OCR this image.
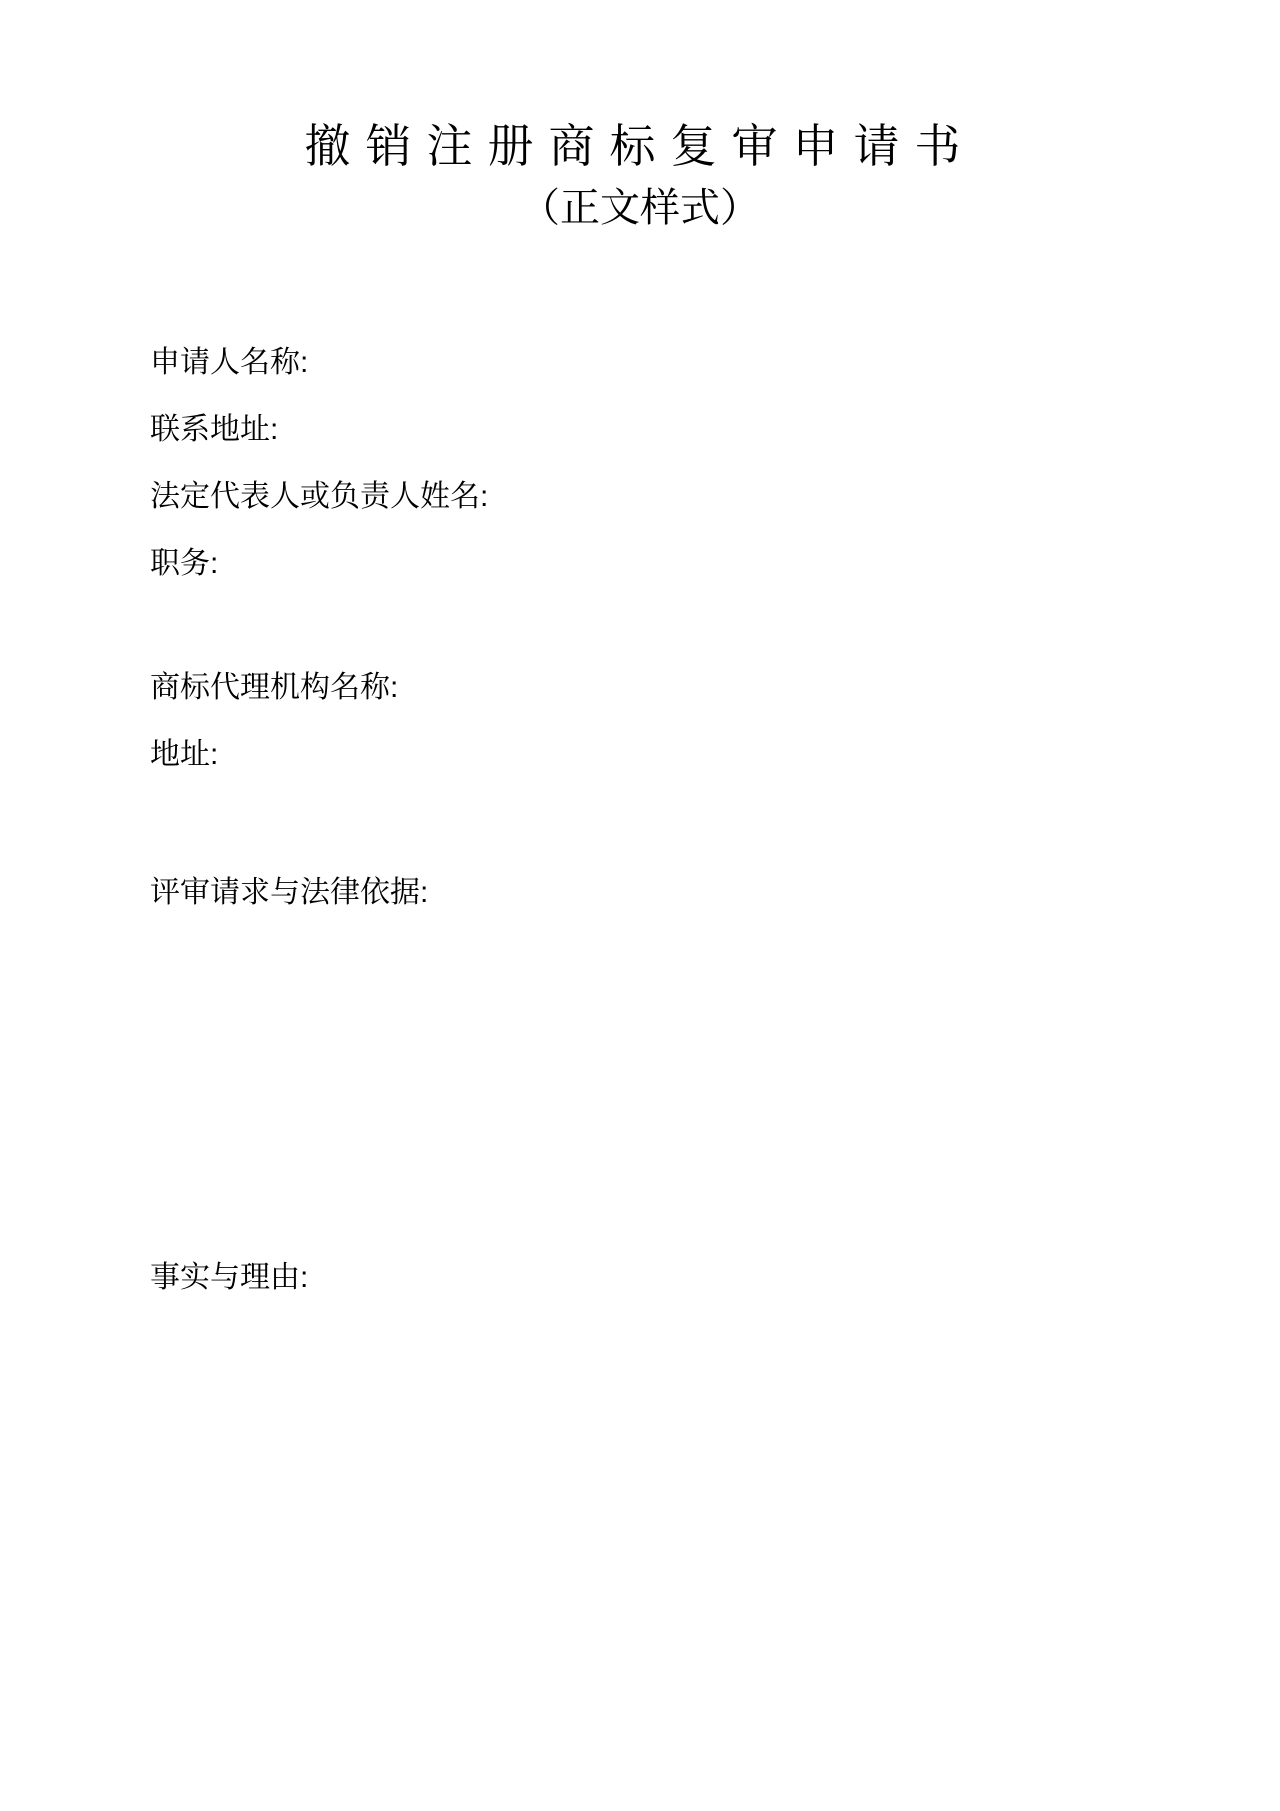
撤销注册商标复审申请书
（正文样式）
申请人名称:
联系地址:
法定代表人或负责人姓名:
职务:
商标代理机构名称:
地址:
评审请求与法律依据:
事实与理由:
